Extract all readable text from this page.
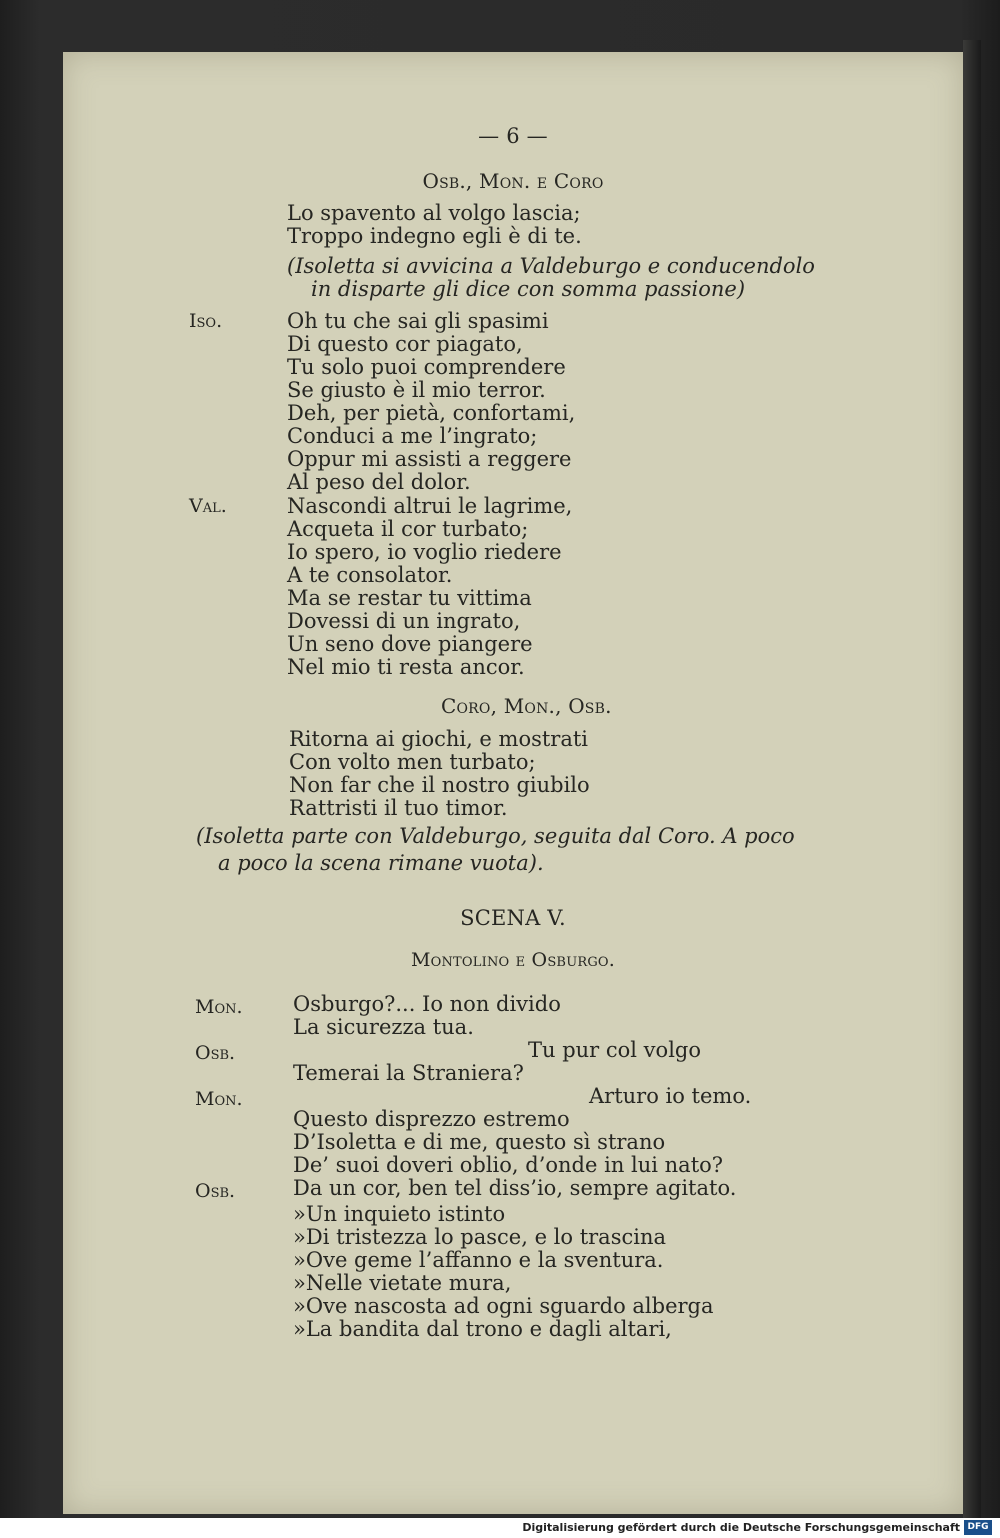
— 6 —
Osb., Mon. e Coro
Lo spavento al volgo lascia;
Troppo indegno egli è di te.
(Isoletta si avvicina a Valdeburgo e conducendolo
in disparte gli dice con somma passione)
Iso.	Oh tu che sai gli spasimi
Di questo cor piagato,
Tu solo puoi comprendere
Se giusto è il mio terror.
Deh, per pietà, confortami,
Conduci a me l’ingrato;
Oppur mi assisti a reggere
Al peso del dolor.
Val.	Nascondi altrui le lagrime,
Acqueta il cor turbato;
Io spero, io voglio riedere
A te consolator.
Ma se restar tu vittima
Dovessi di un ingrato,
Un seno dove piangere
Nel mio ti resta ancor.
Coro, Mon., Osb.
Ritorna ai giochi, e mostrati
Con volto men turbato;
Non far che il nostro giubilo
Rattristi il tuo timor.
(Isoletta parte con Valdeburgo, seguita dal Coro. A poco
a poco la scena rimane vuota).
SCENA V.
Montolino e Osburgo.
Mon. Osburgo?... Io non divido
La sicurezza tua.
Osb.	Tu pur col volgo
Temerai la Straniera?
Mon.	Arturo io temo.
Questo disprezzo estremo
D’Isoletta e di me, questo sì strano
De’ suoi doveri oblio, d’onde in lui nato?
Osb.	Da un cor, ben tel diss’io, sempre agitato.
»Un inquieto istinto
»Di tristezza lo pasce, e lo trascina
»Ove geme l’affanno e la sventura.
»Nelle vietate mura,
»Ove nascosta ad ogni sguardo alberga
»La bandita dal trono e dagli altari,
Digitalisierung gefördert durch die Deutsche Forschungsgemeinschaft DFG
